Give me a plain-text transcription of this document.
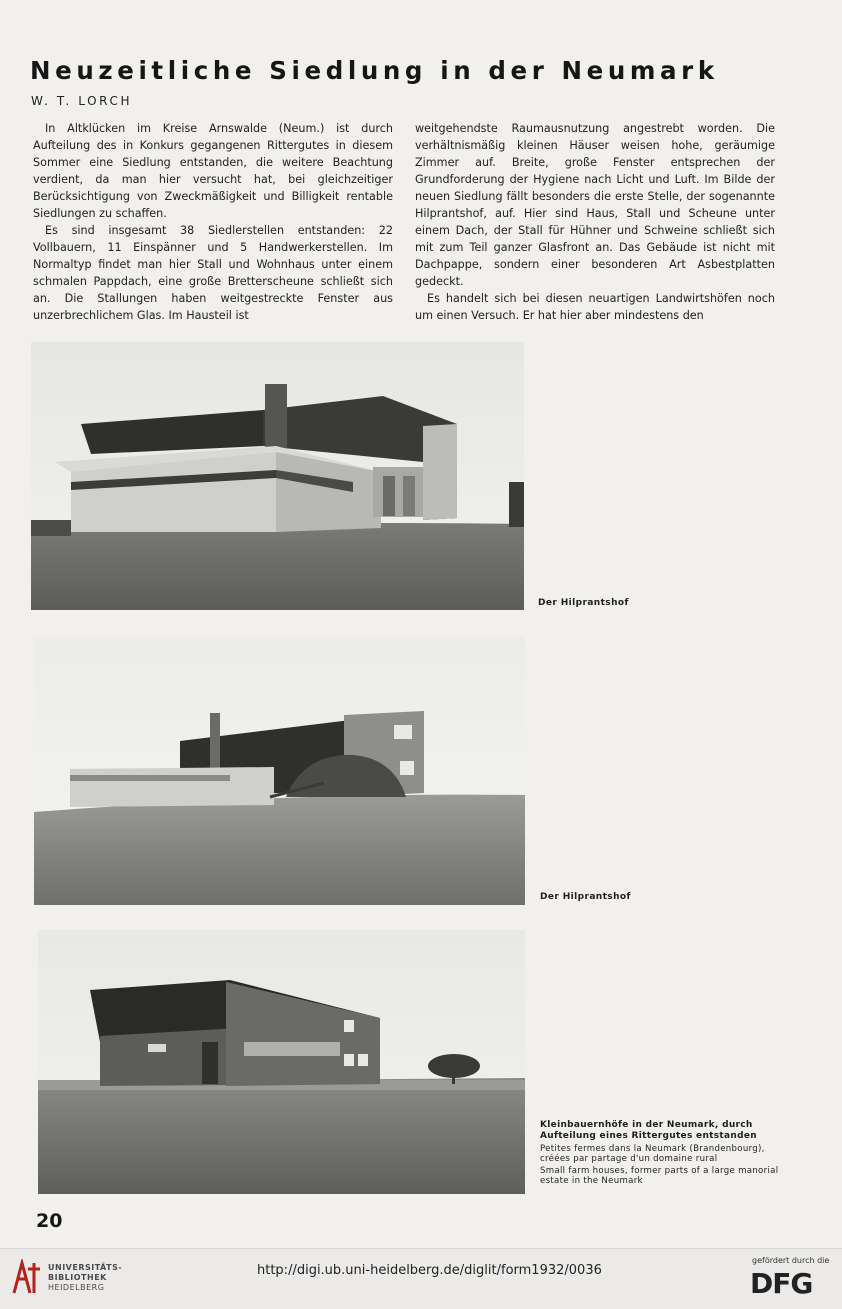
Neuzeitliche Siedlung in der Neumark
W. T. LORCH

In Altklücken im Kreise Arnswalde (Neum.) ist durch Aufteilung des in Konkurs gegangenen Rittergutes in diesem Sommer eine Siedlung entstanden, die weitere Beachtung verdient, da man hier versucht hat, bei gleichzeitiger Berücksichtigung von Zweckmäßigkeit und Billigkeit rentable Siedlungen zu schaffen.

Es sind insgesamt 38 Siedlerstellen entstanden: 22 Vollbauern, 11 Einspänner und 5 Handwerkerstellen. Im Normaltyp findet man hier Stall und Wohnhaus unter einem schmalen Pappdach, eine große Bretterscheune schließt sich an. Die Stallungen haben weitgestreckte Fenster aus unzerbrechlichem Glas. Im Hausteil ist

weitgehendste Raumausnutzung angestrebt worden. Die verhältnismäßig kleinen Häuser weisen hohe, geräumige Zimmer auf. Breite, große Fenster entsprechen der Grundforderung der Hygiene nach Licht und Luft. Im Bilde der neuen Siedlung fällt besonders die erste Stelle, der sogenannte Hilprantshof, auf. Hier sind Haus, Stall und Scheune unter einem Dach, der Stall für Hühner und Schweine schließt sich mit zum Teil ganzer Glasfront an. Das Gebäude ist nicht mit Dachpappe, sondern einer besonderen Art Asbestplatten gedeckt.

Es handelt sich bei diesen neuartigen Landwirtshöfen noch um einen Versuch. Er hat hier aber mindestens den

Der Hilprantshof
Der Hilprantshof
Kleinbauernhöfe in der Neumark, durch Aufteilung eines Rittergutes entstanden
Petites fermes dans la Neumark (Brandenbourg), créées par partage d'un domaine rural
Small farm houses, former parts of a large manorial estate in the Neumark
20
UNIVERSITÄTS-
BIBLIOTHEK
HEIDELBERG
http://digi.ub.uni-heidelberg.de/diglit/form1932/0036
gefördert durch die
DFG
